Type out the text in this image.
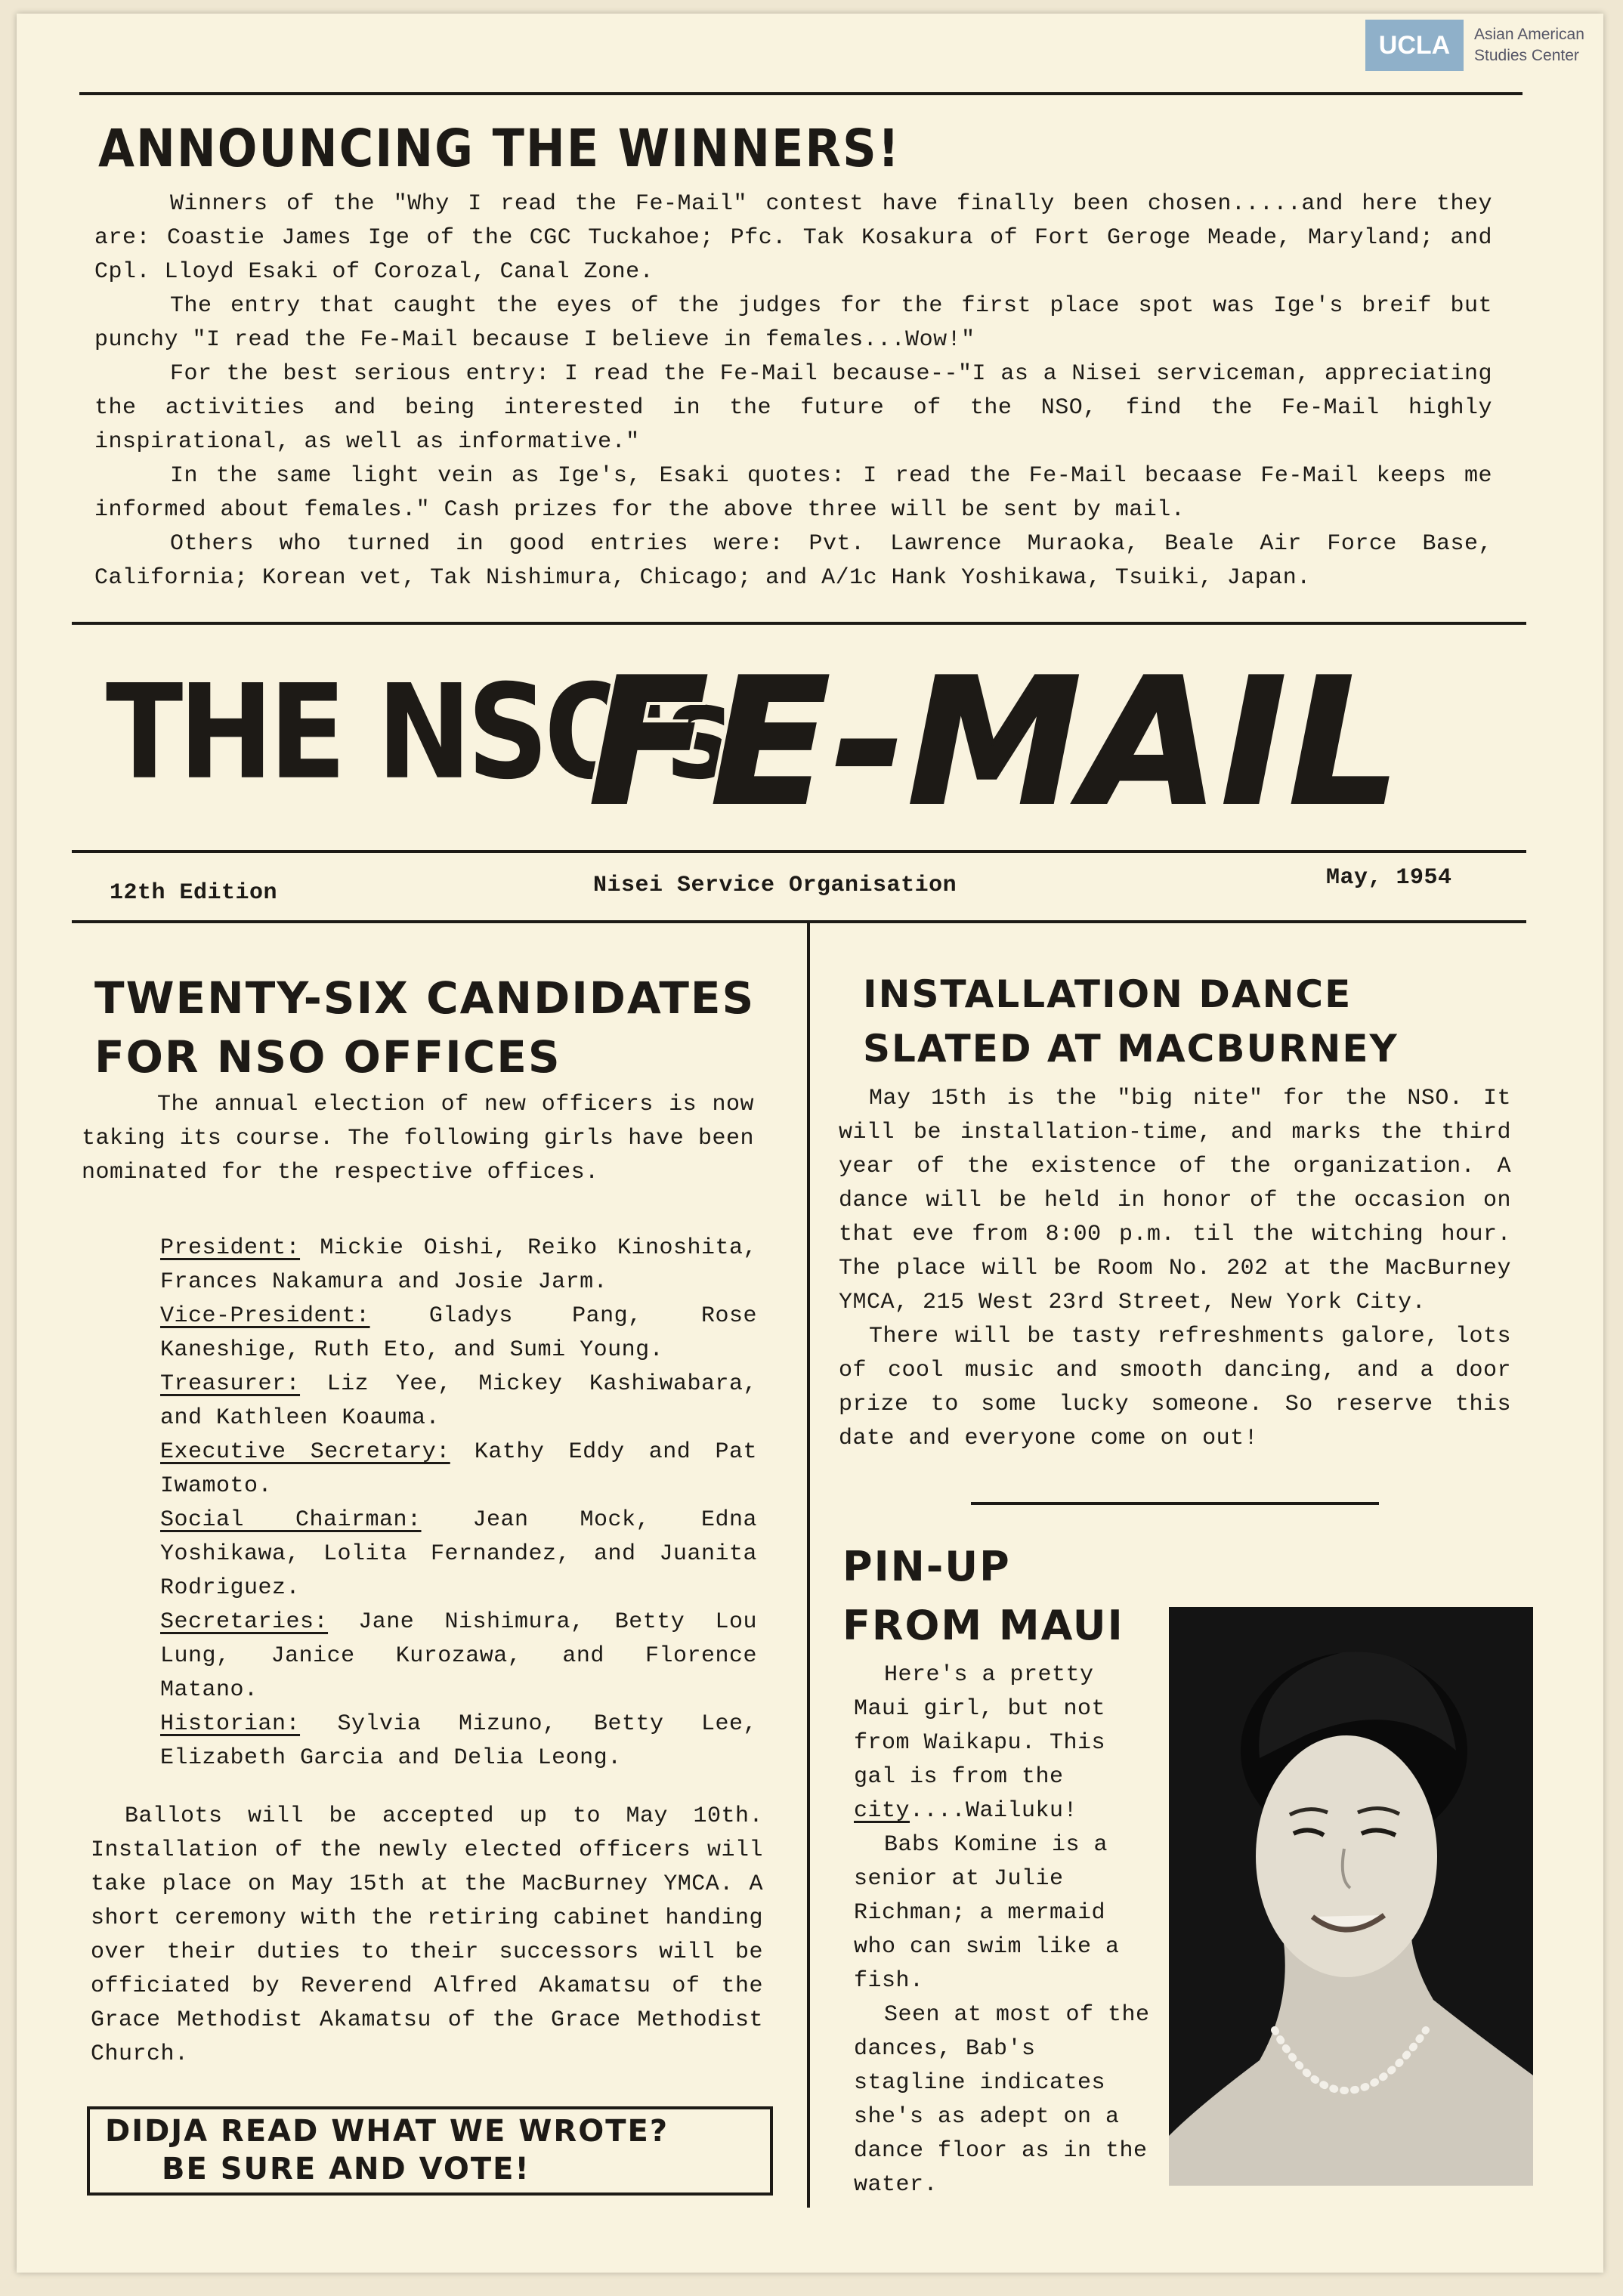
UCLA	Asian American
Studies Center
ANNOUNCING THE WINNERS!

Winners of the "Why I read the Fe-Mail" contest have finally been chosen.....and here they are: Coastie James Ige of the CGC Tuckahoe; Pfc. Tak Kosakura of Fort Geroge Meade, Maryland; and Cpl. Lloyd Esaki of Corozal, Canal Zone.

The entry that caught the eyes of the judges for the first place spot was Ige's breif but punchy "I read the Fe-Mail because I believe in females...Wow!"

For the best serious entry: I read the Fe-Mail because--"I as a Nisei serviceman, appreciating the activities and being interested in the future of the NSO, find the Fe-Mail highly inspirational, as well as informative."

In the same light vein as Ige's, Esaki quotes: I read the Fe-Mail becaase Fe-Mail keeps me informed about females." Cash prizes for the above three will be sent by mail.

Others who turned in good entries were: Pvt. Lawrence Muraoka, Beale Air Force Base, California; Korean vet, Tak Nishimura, Chicago; and A/1c Hank Yoshikawa, Tsuiki, Japan.

THE NSO's
FE-MAIL
12th Edition	Nisei Service Organisation	May, 1954
TWENTY-SIX CANDIDATES
FOR NSO OFFICES

The annual election of new officers is now taking its course. The following girls have been nominated for the respective offices.

President: Mickie Oishi, Reiko Kinoshita, Frances Nakamura and Josie Jarm.

Vice-President:	Gladys Pang, Rose Kaneshige, Ruth Eto, and Sumi Young.

Treasurer: Liz Yee, Mickey Kashiwabara, and Kathleen Koauma.

Executive Secretary: Kathy Eddy and Pat Iwamoto.

Social Chairman: Jean Mock, Edna Yoshikawa, Lolita Fernandez, and Juanita Rodriguez.

Secretaries: Jane Nishimura, Betty Lou Lung, Janice Kurozawa, and Florence Matano.

Historian: Sylvia Mizuno, Betty Lee, Elizabeth Garcia and Delia Leong.

Ballots will be accepted up to May 10th. Installation of the newly elected officers will take place on May 15th at the MacBurney YMCA. A short ceremony with the retiring cabinet handing over their duties to their successors will be officiated by Reverend Alfred Akamatsu of the Grace Methodist Akamatsu of the Grace Methodist Church.

DIDJA READ WHAT WE WROTE?
BE SURE AND VOTE!
INSTALLATION DANCE
SLATED AT MACBURNEY

May 15th is the "big nite" for the NSO. It will be installation-time, and marks the third year of the existence of the organization. A dance will be held in honor of the occasion on that eve from 8:00 p.m. til the witching hour. The place will be Room No. 202 at the MacBurney YMCA, 215 West 23rd Street, New York City.

There will be tasty refreshments galore, lots of cool music and smooth dancing, and a door prize to some lucky someone. So reserve this date and everyone come on out!

PIN-UP
FROM MAUI

Here's a pretty Maui girl, but not from Waikapu. This gal is from the city....Wailuku!

Babs Komine is a senior at Julie Richman; a mermaid who can swim like a fish.

Seen at most of the dances, Bab's stagline indicates she's as adept on a dance floor as in the water.
